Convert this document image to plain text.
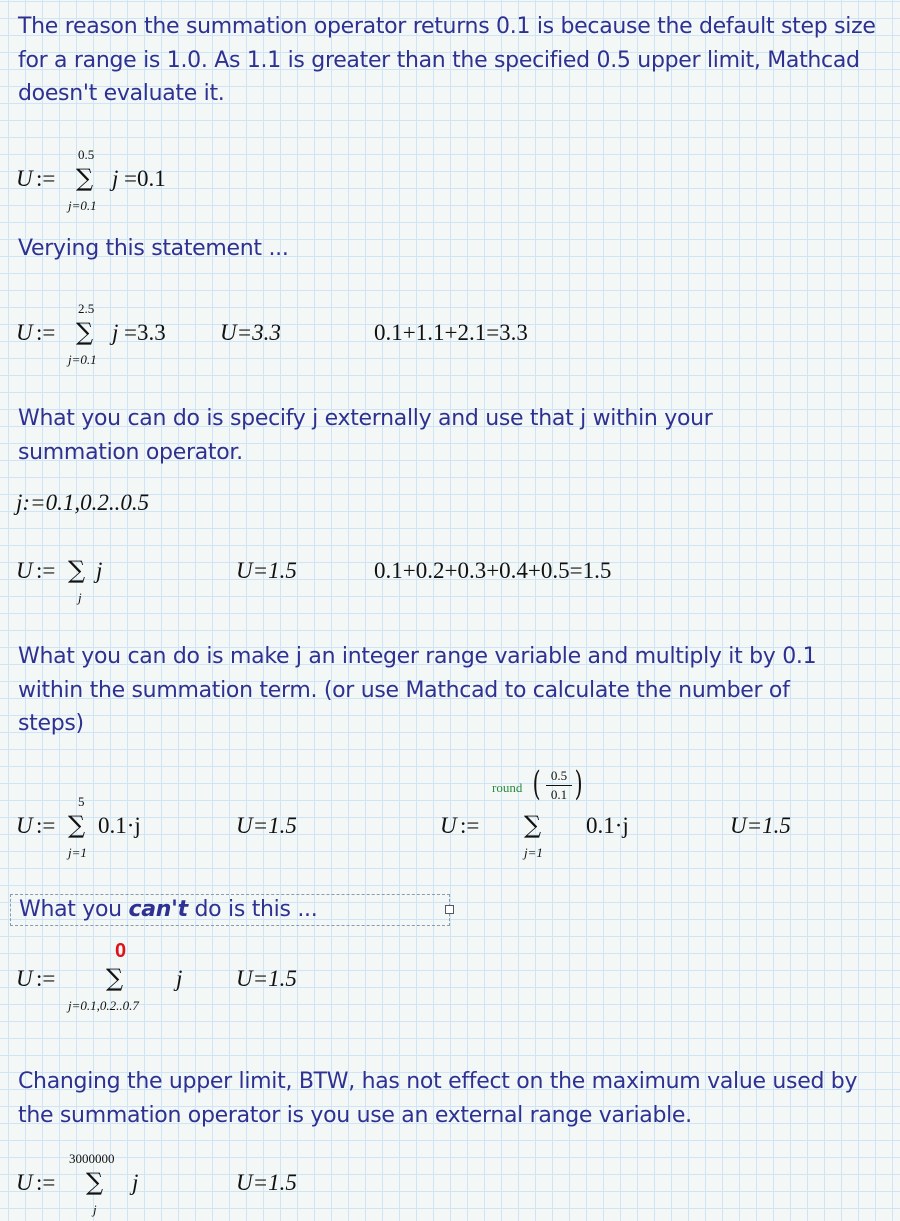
The reason the summation operator returns 0.1 is because the default step size for a range is 1.0. As 1.1 is greater than the specified 0.5 upper limit, Mathcad doesn't evaluate it.

U :=
0.5
∑
j=0.1
j =0.1

Verying this statement ...

U :=
2.5
∑
j=0.1
j =3.3 U=3.3	0.1+1.1+2.1=3.3

What you can do is specify j externally and use that j within your summation operator.

j:=0.1,0.2..0.5
U := ∑
j
j	U=1.5	0.1+0.2+0.3+0.4+0.5=1.5

What you can do is make j an integer range variable and multiply it by 0.1 within the summation term. (or use Mathcad to calculate the number of steps)

U :=
5
∑
j=1
0.1·j	U=1.5	U :=
round ( 0.5
0.1 )
∑
j=1
0.1·j	U=1.5

What you can't do is this ...

U :=
0
∑
j=0.1,0.2..0.7
j U=1.5

Changing the upper limit, BTW, has not effect on the maximum value used by the summation operator is you use an external range variable.

U :=
3000000
∑
j
j	U=1.5
